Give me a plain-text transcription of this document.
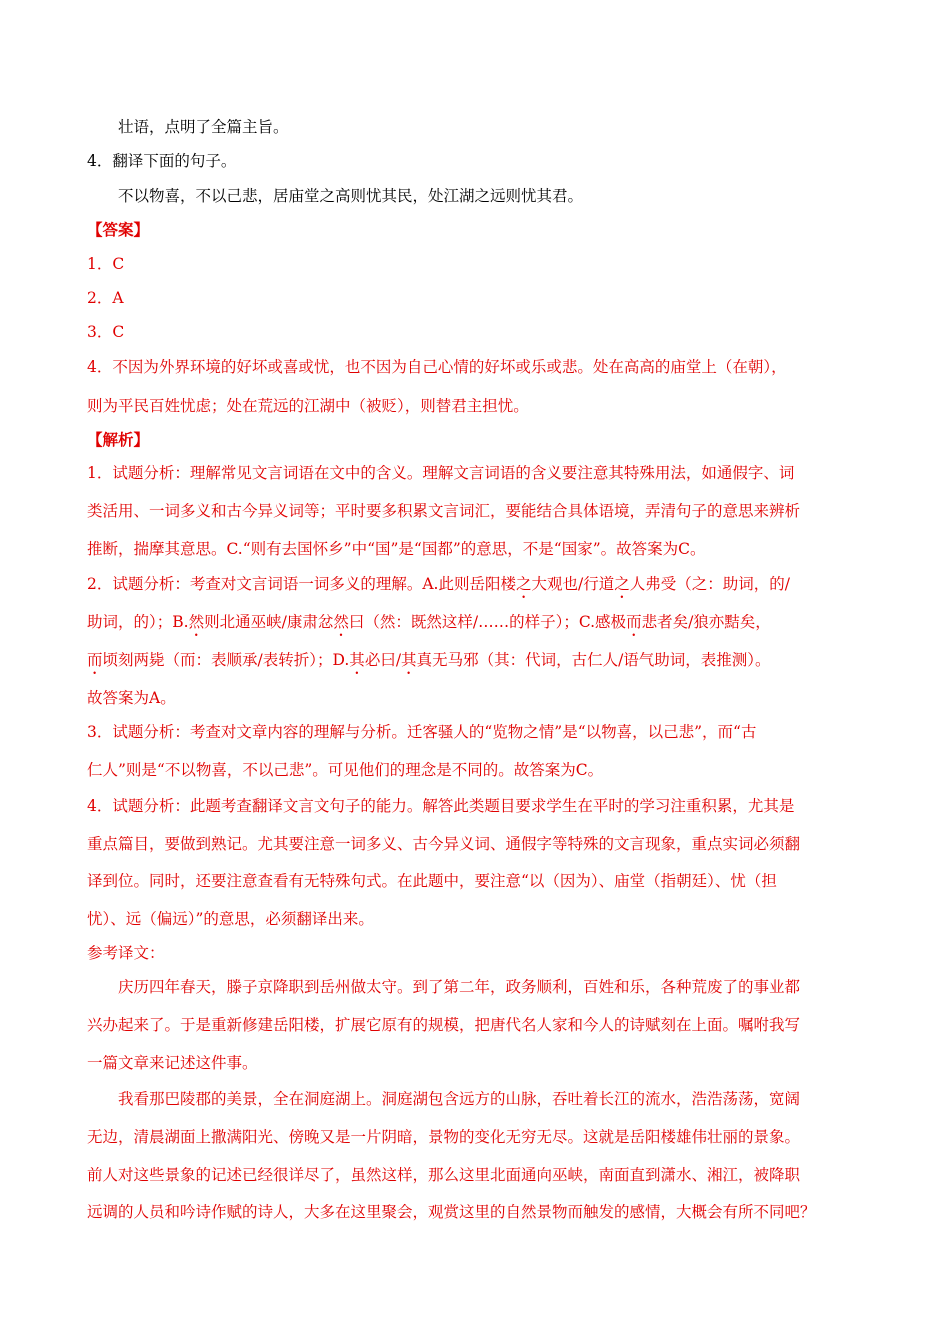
壮语，点明了全篇主旨。
4．翻译下面的句子。
不以物喜，不以己悲，居庙堂之高则忧其民，处江湖之远则忧其君。
【答案】
1．C
2．A
3．C
4．不因为外界环境的好坏或喜或忧，也不因为自己心情的好坏或乐或悲。处在高高的庙堂上（在朝），
则为平民百姓忧虑；处在荒远的江湖中（被贬），则替君主担忧。
【解析】
1．试题分析：理解常见文言词语在文中的含义。理解文言词语的含义要注意其特殊用法，如通假字、词
类活用、一词多义和古今异义词等；平时要多积累文言词汇，要能结合具体语境，弄清句子的意思来辨析
推断，揣摩其意思。C.“则有去国怀乡”中“国”是“国都”的意思，不是“国家”。故答案为C。
2．试题分析：考查对文言词语一词多义的理解。A.此则岳阳楼之大观也/行道之人弗受（之：助词，的/
助词，的）；B.然则北通巫峡/康肃忿然曰（然：既然这样/……的样子）；C.感极而悲者矣/狼亦黠矣，
而顷刻两毙（而：表顺承/表转折）；D.其必曰/其真无马邪（其：代词，古仁人/语气助词，表推测）。
故答案为A。
3．试题分析：考查对文章内容的理解与分析。迁客骚人的“览物之情”是“以物喜，以己悲”，而“古
仁人”则是“不以物喜，不以己悲”。可见他们的理念是不同的。故答案为C。
4．试题分析：此题考查翻译文言文句子的能力。解答此类题目要求学生在平时的学习注重积累，尤其是
重点篇目，要做到熟记。尤其要注意一词多义、古今异义词、通假字等特殊的文言现象，重点实词必须翻
译到位。同时，还要注意查看有无特殊句式。在此题中，要注意“以（因为）、庙堂（指朝廷）、忧（担
忧）、远（偏远）”的意思，必须翻译出来。
参考译文：
庆历四年春天，滕子京降职到岳州做太守。到了第二年，政务顺利，百姓和乐，各种荒废了的事业都
兴办起来了。于是重新修建岳阳楼，扩展它原有的规模，把唐代名人家和今人的诗赋刻在上面。嘱咐我写
一篇文章来记述这件事。
我看那巴陵郡的美景，全在洞庭湖上。洞庭湖包含远方的山脉，吞吐着长江的流水，浩浩荡荡，宽阔
无边，清晨湖面上撒满阳光、傍晚又是一片阴暗，景物的变化无穷无尽。这就是岳阳楼雄伟壮丽的景象。
前人对这些景象的记述已经很详尽了，虽然这样，那么这里北面通向巫峡，南面直到潇水、湘江，被降职
远调的人员和吟诗作赋的诗人，大多在这里聚会，观赏这里的自然景物而触发的感情，大概会有所不同吧？
